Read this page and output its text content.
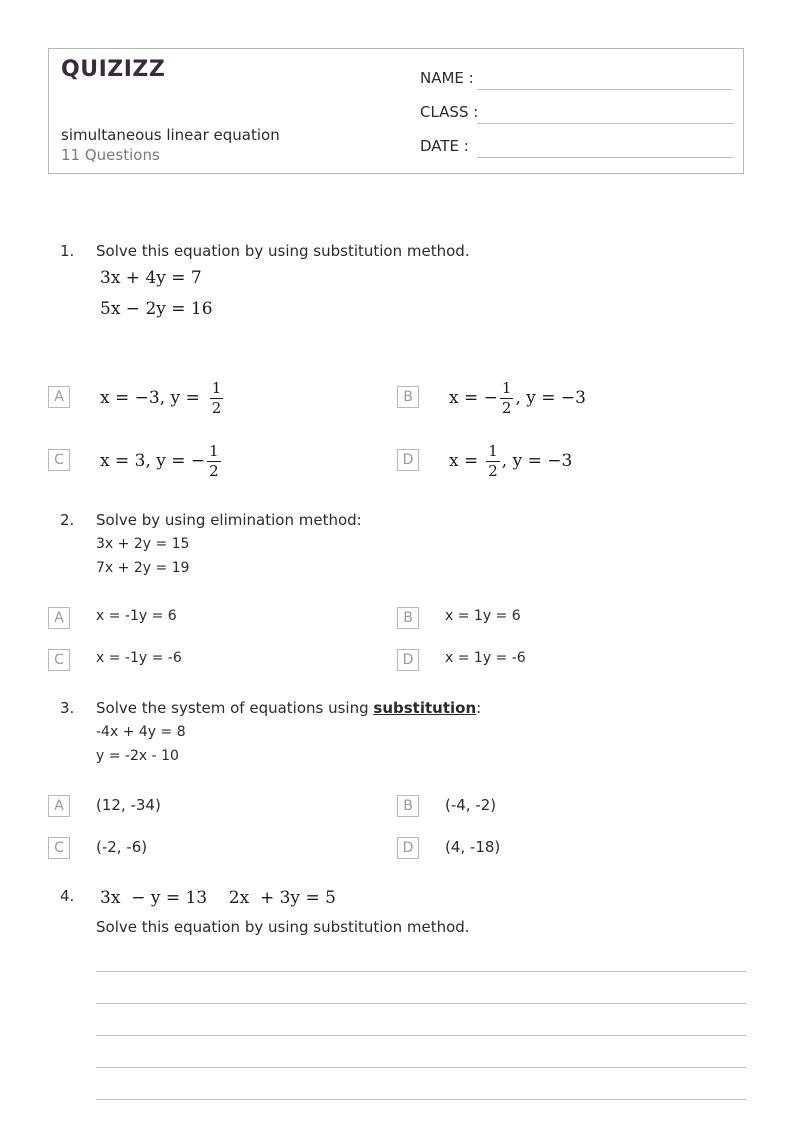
QUIZIZZ
simultaneous linear equation
11 Questions
NAME :
CLASS :
DATE :
1. Solve this equation by using substitution method.
3x + 4y = 7
5x − 2y = 16
A	x = −3, $y = \frac{1}{2}$	B	x = − $\frac{1}{2}$ , y = −3
C	x = 3, y = − $\frac{1}{2}$	D	$x = \frac{1}{2}$ , y = −3
2. Solve by using elimination method:
3x + 2y = 15
7x + 2y = 19
A	x = -1y = 6	B	x = 1y = 6
C	x = -1y = -6	D	x = 1y = -6
3. Solve the system of equations using substitution:
-4x + 4y = 8
y = -2x - 10
A	(12, -34)	B	(-4, -2)
C	(-2, -6)	D	(4, -18)
4. 3x  − y = 13    2x  + 3y = 5
Solve this equation by using substitution method.
